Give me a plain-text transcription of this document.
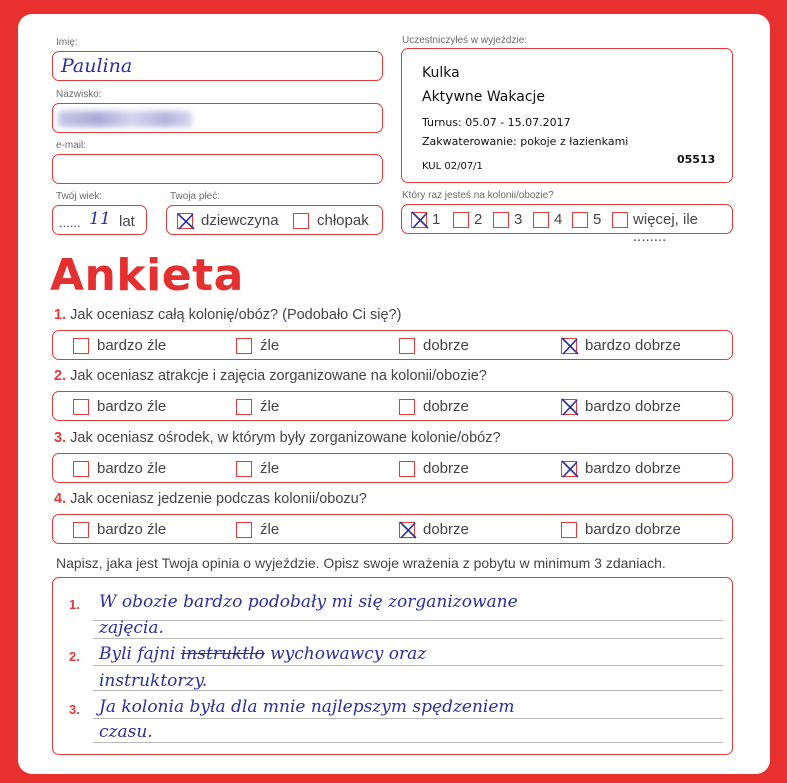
Imię:
Paulina
Nazwisko:
e-mail:
Twój wiek:
...... 11 lat
Twoja płeć:
dziewczyna	chłopak
Uczestniczyłeś w wyjeździe:
Kulka
Aktywne Wakacje
Turnus: 05.07 - 15.07.2017
Zakwaterowanie: pokoje z łazienkami
KUL 02/07/1
05513
Który raz jesteś na kolonii/obozie?
1 2 3 4 5 więcej, ile ........
Ankieta
1. Jak oceniasz całą kolonię/obóz? (Podobało Ci się?)
bardzo źle	źle	dobrze	bardzo dobrze
2. Jak oceniasz atrakcje i zajęcia zorganizowane na kolonii/obozie?
bardzo źle	źle	dobrze	bardzo dobrze
3. Jak oceniasz ośrodek, w którym były zorganizowane kolonie/obóz?
bardzo źle	źle	dobrze	bardzo dobrze
4. Jak oceniasz jedzenie podczas kolonii/obozu?
bardzo źle	źle	dobrze	bardzo dobrze
Napisz, jaka jest Twoja opinia o wyjeździe. Opisz swoje wrażenia z pobytu w minimum 3 zdaniach.
1.
2.
3.
W obozie bardzo podobały mi się zorganizowane
zajęcia.
Byli fajni instruktlo wychowawcy oraz
instruktorzy.
Ja kolonia była dla mnie najlepszym spędzeniem
czasu.
